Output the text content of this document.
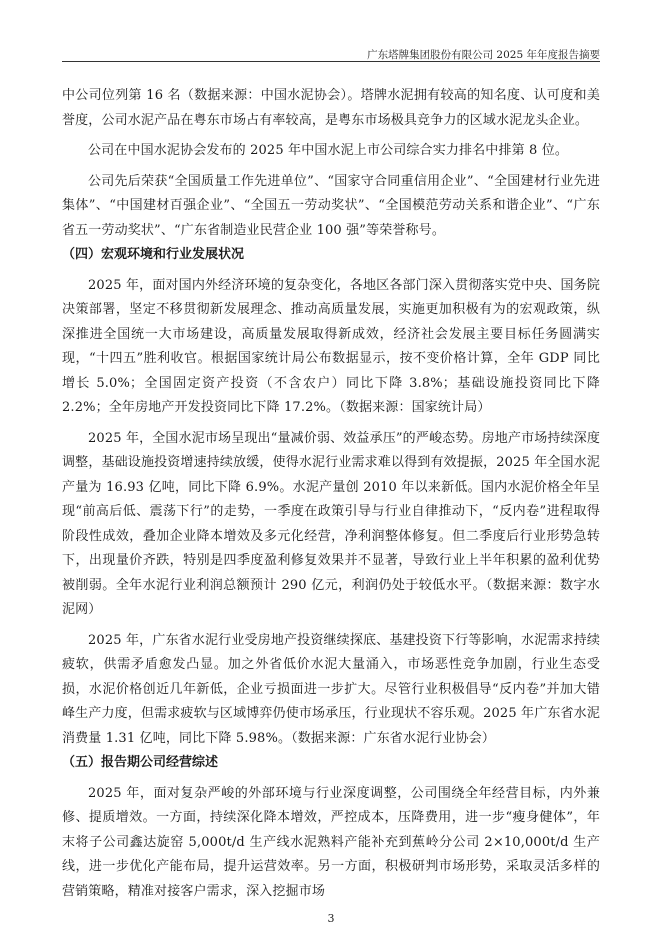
广东塔牌集团股份有限公司 2025 年年度报告摘要

中公司位列第 16 名（数据来源：中国水泥协会）。塔牌水泥拥有较高的知名度、认可度和美誉度，公司水泥产品在粤东市场占有率较高，是粤东市场极具竞争力的区域水泥龙头企业。

公司在中国水泥协会发布的 2025 年中国水泥上市公司综合实力排名中排第 8 位。

公司先后荣获“全国质量工作先进单位”、“国家守合同重信用企业”、“全国建材行业先进集体”、“中国建材百强企业”、“全国五一劳动奖状”、“全国模范劳动关系和谐企业”、“广东省五一劳动奖状”、“广东省制造业民营企业 100 强”等荣誉称号。

（四）宏观环境和行业发展状况

2025 年，面对国内外经济环境的复杂变化，各地区各部门深入贯彻落实党中央、国务院决策部署，坚定不移贯彻新发展理念、推动高质量发展，实施更加积极有为的宏观政策，纵深推进全国统一大市场建设，高质量发展取得新成效，经济社会发展主要目标任务圆满实现，“十四五”胜利收官。根据国家统计局公布数据显示，按不变价格计算，全年 GDP 同比增长 5.0%；全国固定资产投资（不含农户）同比下降 3.8%；基础设施投资同比下降 2.2%；全年房地产开发投资同比下降 17.2%。（数据来源：国家统计局）

2025 年，全国水泥市场呈现出“量减价弱、效益承压”的严峻态势。房地产市场持续深度调整，基础设施投资增速持续放缓，使得水泥行业需求难以得到有效提振，2025 年全国水泥产量为 16.93 亿吨，同比下降 6.9%。水泥产量创 2010 年以来新低。国内水泥价格全年呈现“前高后低、震荡下行”的走势，一季度在政策引导与行业自律推动下，“反内卷”进程取得阶段性成效，叠加企业降本增效及多元化经营，净利润整体修复。但二季度后行业形势急转下，出现量价齐跌，特别是四季度盈利修复效果并不显著，导致行业上半年积累的盈利优势被削弱。全年水泥行业利润总额预计 290 亿元，利润仍处于较低水平。（数据来源：数字水泥网）

2025 年，广东省水泥行业受房地产投资继续探底、基建投资下行等影响，水泥需求持续疲软，供需矛盾愈发凸显。加之外省低价水泥大量涌入，市场恶性竞争加剧，行业生态受损，水泥价格创近几年新低，企业亏损面进一步扩大。尽管行业积极倡导“反内卷”并加大错峰生产力度，但需求疲软与区域博弈仍使市场承压，行业现状不容乐观。2025 年广东省水泥消费量 1.31 亿吨，同比下降 5.98%。（数据来源：广东省水泥行业协会）

（五）报告期公司经营综述

2025 年，面对复杂严峻的外部环境与行业深度调整，公司围绕全年经营目标，内外兼修、提质增效。一方面，持续深化降本增效，严控成本，压降费用，进一步“瘦身健体”，年末将子公司鑫达旋窑 5,000t/d 生产线水泥熟料产能补充到蕉岭分公司 2×10,000t/d 生产线，进一步优化产能布局，提升运营效率。另一方面，积极研判市场形势，采取灵活多样的营销策略，精准对接客户需求，深入挖掘市场

3
